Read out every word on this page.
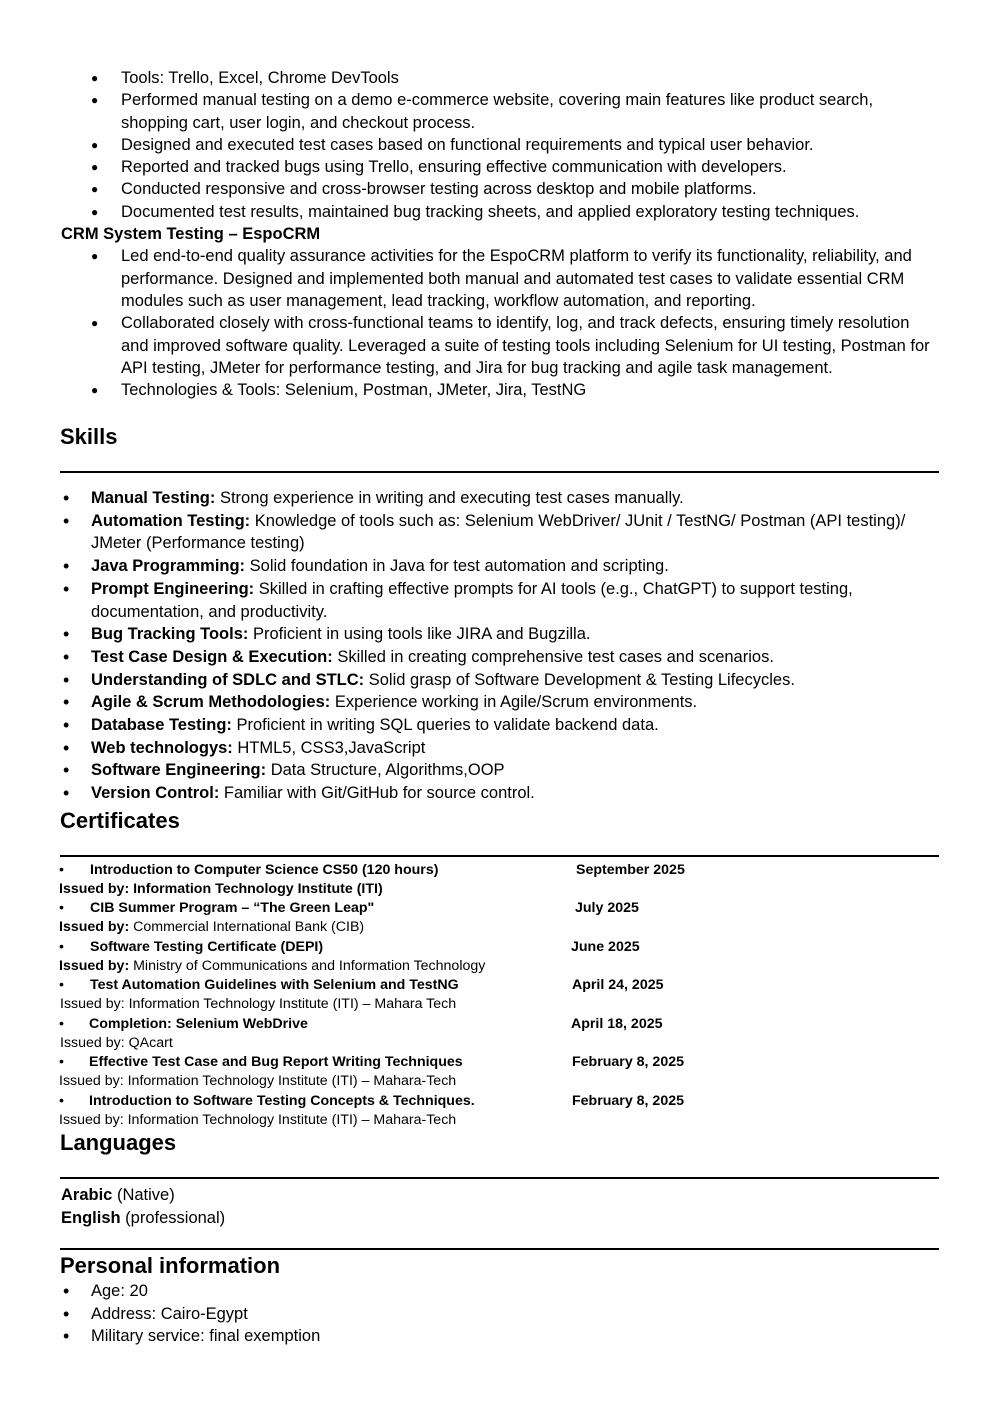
● Tools: Trello, Excel, Chrome DevTools
● Performed manual testing on a demo e-commerce website, covering main features like product search, shopping cart, user login, and checkout process.
● Designed and executed test cases based on functional requirements and typical user behavior.
● Reported and tracked bugs using Trello, ensuring effective communication with developers.
● Conducted responsive and cross-browser testing across desktop and mobile platforms.
● Documented test results, maintained bug tracking sheets, and applied exploratory testing techniques.
CRM System Testing – EspoCRM
● Led end-to-end quality assurance activities for the EspoCRM platform to verify its functionality, reliability, and performance. Designed and implemented both manual and automated test cases to validate essential CRM modules such as user management, lead tracking, workflow automation, and reporting.
● Collaborated closely with cross-functional teams to identify, log, and track defects, ensuring timely resolution and improved software quality. Leveraged a suite of testing tools including Selenium for UI testing, Postman for API testing, JMeter for performance testing, and Jira for bug tracking and agile task management.
● Technologies & Tools: Selenium, Postman, JMeter, Jira, TestNG
Skills
• Manual Testing: Strong experience in writing and executing test cases manually.
• Automation Testing: Knowledge of tools such as: Selenium WebDriver/ JUnit / TestNG/ Postman (API testing)/ JMeter (Performance testing)
• Java Programming: Solid foundation in Java for test automation and scripting.
• Prompt Engineering: Skilled in crafting effective prompts for AI tools (e.g., ChatGPT) to support testing, documentation, and productivity.
• Bug Tracking Tools: Proficient in using tools like JIRA and Bugzilla.
• Test Case Design & Execution: Skilled in creating comprehensive test cases and scenarios.
• Understanding of SDLC and STLC: Solid grasp of Software Development & Testing Lifecycles.
• Agile & Scrum Methodologies: Experience working in Agile/Scrum environments.
• Database Testing: Proficient in writing SQL queries to validate backend data.
• Web technologys: HTML5, CSS3,JavaScript
• Software Engineering: Data Structure, Algorithms,OOP
• Version Control: Familiar with Git/GitHub for source control.
Certificates
• Introduction to Computer Science CS50 (120 hours)	September 2025
Issued by: Information Technology Institute (ITI)
• CIB Summer Program – “The Green Leap"	July 2025
Issued by: Commercial International Bank (CIB)
• Software Testing Certificate (DEPI)	June 2025
Issued by: Ministry of Communications and Information Technology
• Test Automation Guidelines with Selenium and TestNG	April 24, 2025
Issued by: Information Technology Institute (ITI) – Mahara Tech
• Completion: Selenium WebDrive	April 18, 2025
Issued by: QAcart
• Effective Test Case and Bug Report Writing Techniques	February 8, 2025
Issued by: Information Technology Institute (ITI) – Mahara-Tech
• Introduction to Software Testing Concepts & Techniques.	February 8, 2025
Issued by: Information Technology Institute (ITI) – Mahara-Tech
Languages
Arabic (Native)
English (professional)
Personal information
• Age: 20
• Address: Cairo-Egypt
• Military service: final exemption
